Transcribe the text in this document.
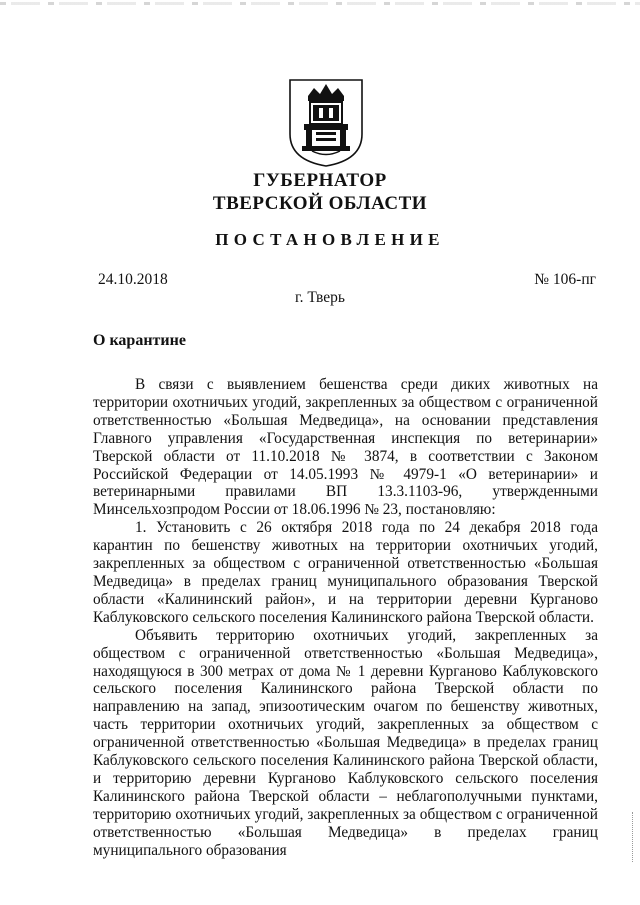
ГУБЕРНАТОР
ТВЕРСКОЙ ОБЛАСТИ
ПОСТАНОВЛЕНИЕ
24.10.2018	№ 106-пг
г. Тверь
О карантине

В связи с выявлением бешенства среди диких животных на территории охотничьих угодий, закрепленных за обществом с ограниченной ответственностью «Большая Медведица», на основании представления Главного управления «Государственная инспекция по ветеринарии» Тверской области от 11.10.2018 № 3874, в соответствии с Законом Российской Федерации от 14.05.1993 № 4979-1 «О ветеринарии» и ветеринарными правилами ВП 13.3.1103-96, утвержденными Минсельхозпродом России от 18.06.1996 № 23, постановляю:

1. Установить с 26 октября 2018 года по 24 декабря 2018 года карантин по бешенству животных на территории охотничьих угодий, закрепленных за обществом с ограниченной ответственностью «Большая Медведица» в пределах границ муниципального образования Тверской области «Калининский район», и на территории деревни Курганово Каблуковского сельского поселения Калининского района Тверской области.

Объявить территорию охотничьих угодий, закрепленных за обществом с ограниченной ответственностью «Большая Медведица», находящуюся в 300 метрах от дома № 1 деревни Курганово Каблуковского сельского поселения Калининского района Тверской области по направлению на запад, эпизоотическим очагом по бешенству животных, часть территории охотничьих угодий, закрепленных за обществом с ограниченной ответственностью «Большая Медведица» в пределах границ Каблуковского сельского поселения Калининского района Тверской области, и территорию деревни Курганово Каблуковского сельского поселения Калининского района Тверской области – неблагополучными пунктами, территорию охотничьих угодий, закрепленных за обществом с ограниченной ответственностью «Большая Медведица» в пределах границ муниципального образования
